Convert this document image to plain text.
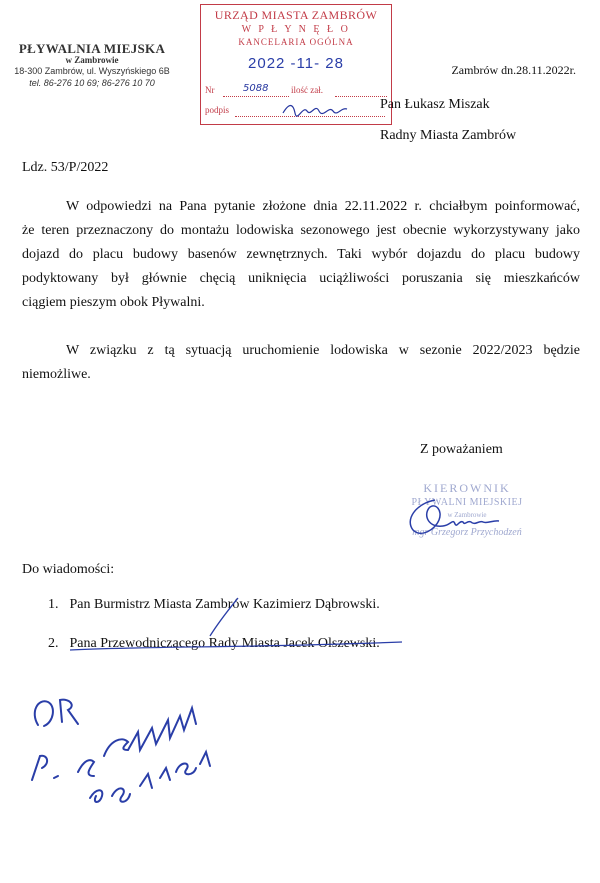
PŁYWALNIA MIEJSKA
w Zambrowie
18-300 Zambrów, ul. Wyszyńskiego 6B
tel. 86-276 10 69; 86-276 10 70
URZĄD MIASTA ZAMBRÓW
W P Ł Y N Ę Ł O
KANCELARIA OGÓLNA
2022 -11- 28
Nr	5088	ilość zał.
podpis
Zambrów dn.28.11.2022r.
Pan Łukasz Miszak
Radny Miasta Zambrów
Ldz. 53/P/2022
W odpowiedzi na Pana pytanie złożone dnia 22.11.2022 r. chciałbym poinformować,
że teren przeznaczony do montażu lodowiska sezonowego jest obecnie wykorzystywany jako
dojazd do placu budowy basenów zewnętrznych. Taki wybór dojazdu do placu budowy
podyktowany był głównie chęcią uniknięcia uciążliwości poruszania się mieszkańców
ciągiem pieszym obok Pływalni.
W związku z tą sytuacją uruchomienie lodowiska w sezonie 2022/2023 będzie
niemożliwe.
Z poważaniem
KIEROWNIK
PŁYWALNI MIEJSKIEJ
w Zambrowie
mgr Grzegorz Przychodzeń
Do wiadomości:
1. Pan Burmistrz Miasta Zambrów Kazimierz Dąbrowski.
2. Pana Przewodniczącego Rady Miasta Jacek Olszewski.
